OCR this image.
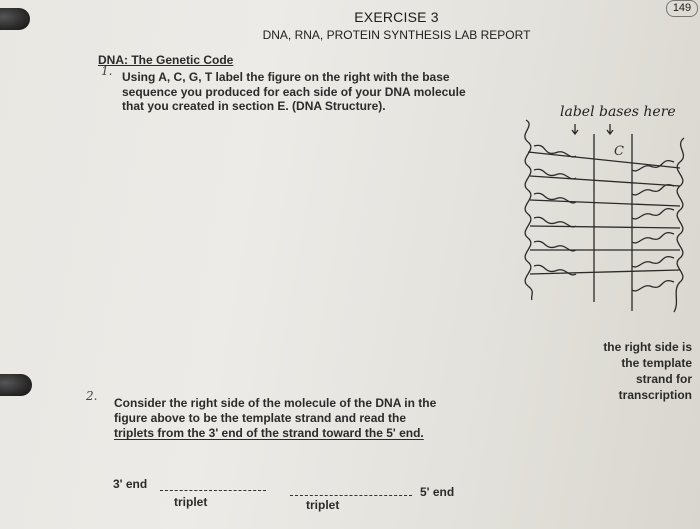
149
EXERCISE 3
DNA, RNA, PROTEIN SYNTHESIS LAB REPORT
DNA: The Genetic Code
1. Using A, C, G, T label the figure on the right with the base
sequence you produced for each side of your DNA molecule
that you created in section E. (DNA Structure).	label bases here
C
the right side is
the template
strand for
transcription
2. Consider the right side of the molecule of the DNA in the
figure above to be the template strand and read the
triplets from the 3' end of the strand toward the 5' end.
3' end
5' end
triplet	triplet
